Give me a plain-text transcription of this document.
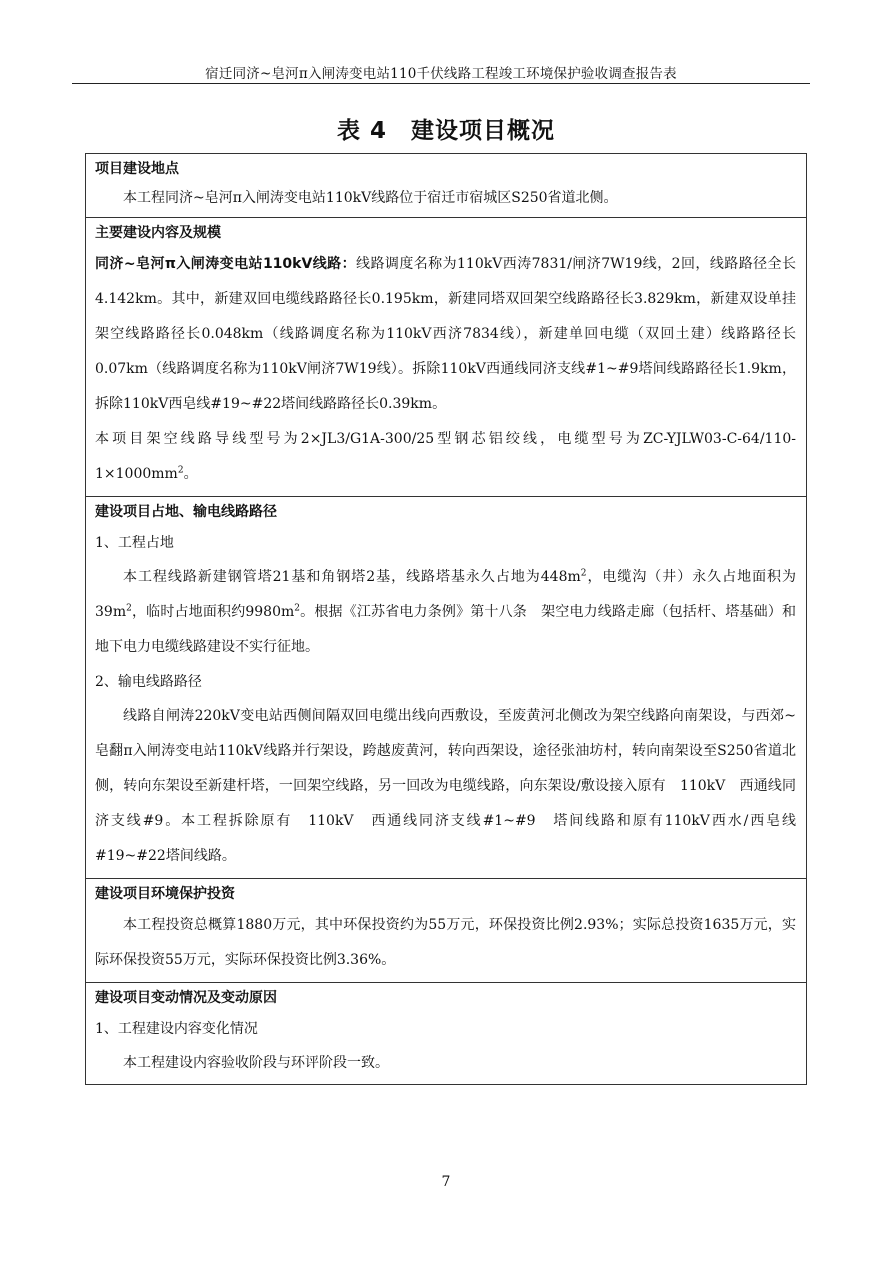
宿迁同济~皂河π入闸涛变电站110千伏线路工程竣工环境保护验收调查报告表
表 4　建设项目概况
项目建设地点

本工程同济~皂河π入闸涛变电站110kV线路位于宿迁市宿城区S250省道北侧。

主要建设内容及规模

同济~皂河π入闸涛变电站110kV线路：线路调度名称为110kV西涛7831/闸济7W19线，2回，线路路径全长4.142km。其中，新建双回电缆线路路径长0.195km，新建同塔双回架空线路路径长3.829km，新建双设单挂架空线路路径长0.048km（线路调度名称为110kV西济7834线），新建单回电缆（双回土建）线路路径长0.07km（线路调度名称为110kV闸济7W19线）。拆除110kV西通线同济支线#1~#9塔间线路路径长1.9km，拆除110kV西皂线#19~#22塔间线路路径长0.39km。

本项目架空线路导线型号为2×JL3/G1A-300/25型钢芯铝绞线，电缆型号为$ZC-YJLW03-C-64/110-1\times 1000mm^2$。

建设项目占地、输电线路路径

1、工程占地

本工程线路新建钢管塔21基和角钢塔2基，线路塔基永久占地为$448m^2$，电缆沟（井）永久占地面积为$39m^2$，临时占地面积约$9980m^2$。根据《江苏省电力条例》第十八条　架空电力线路走廊（包括杆、塔基础）和地下电力电缆线路建设不实行征地。

2、输电线路路径

线路自闸涛220kV变电站西侧间隔双回电缆出线向西敷设，至废黄河北侧改为架空线路向南架设，与西郊~皂翻π入闸涛变电站110kV线路并行架设，跨越废黄河，转向西架设，途径张油坊村，转向南架设至S250省道北侧，转向东架设至新建杆塔，一回架空线路，另一回改为电缆线路，向东架设/敷设接入原有　110kV　西通线同济支线#9。本工程拆除原有　110kV　西通线同济支线#1~#9　塔间线路和原有110kV西水/西皂线#19~#22塔间线路。

建设项目环境保护投资

本工程投资总概算1880万元，其中环保投资约为55万元，环保投资比例2.93%；实际总投资1635万元，实际环保投资55万元，实际环保投资比例3.36%。

建设项目变动情况及变动原因

1、工程建设内容变化情况

本工程建设内容验收阶段与环评阶段一致。

7
